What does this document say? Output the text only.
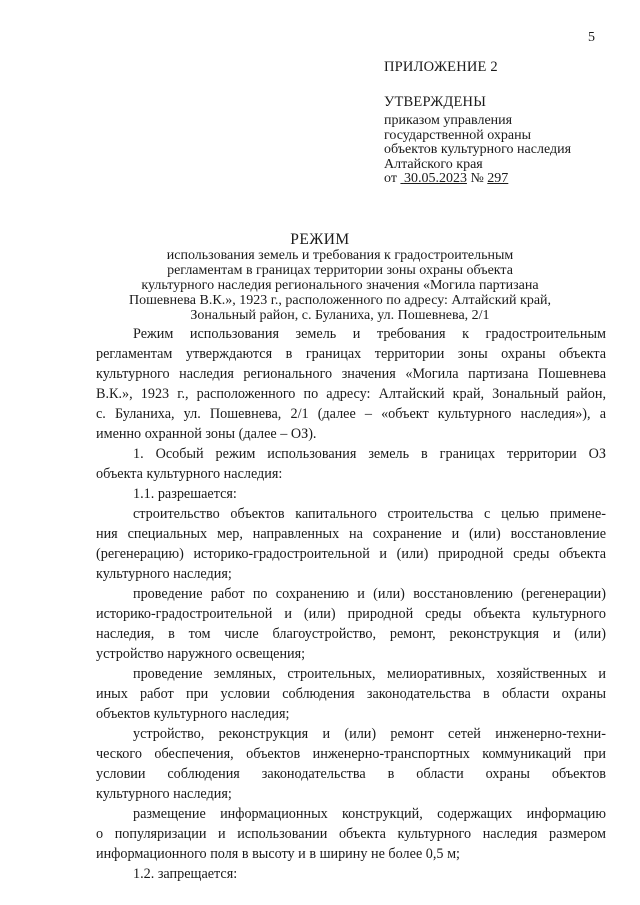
5
ПРИЛОЖЕНИЕ 2
УТВЕРЖДЕНЫ
приказом управления
государственной охраны
объектов культурного наследия
Алтайского края
от 30.05.2023 № 297
РЕЖИМ
использования земель и требования к градостроительным
регламентам в границах территории зоны охраны объекта
культурного наследия регионального значения «Могила партизана
Пошевнева В.К.», 1923 г., расположенного по адресу: Алтайский край,
Зональный район, с. Буланиха, ул. Пошевнева, 2/1
Режим использования земель и требования к градостроительным
регламентам утверждаются в границах территории зоны охраны объекта
культурного наследия регионального значения «Могила партизана Пошевнева
В.К.», 1923 г., расположенного по адресу: Алтайский край, Зональный район,
с. Буланиха, ул. Пошевнева, 2/1 (далее – «объект культурного наследия»), а
именно охранной зоны (далее – ОЗ).
1. Особый режим использования земель в границах территории ОЗ
объекта культурного наследия:
1.1. разрешается:
строительство объектов капитального строительства с целью примене-
ния специальных мер, направленных на сохранение и (или) восстановление
(регенерацию) историко-градостроительной и (или) природной среды объекта
культурного наследия;
проведение работ по сохранению и (или) восстановлению (регенерации)
историко-градостроительной и (или) природной среды объекта культурного
наследия, в том числе благоустройство, ремонт, реконструкция и (или)
устройство наружного освещения;
проведение земляных, строительных, мелиоративных, хозяйственных и
иных работ при условии соблюдения законодательства в области охраны
объектов культурного наследия;
устройство, реконструкция и (или) ремонт сетей инженерно-техни-
ческого обеспечения, объектов инженерно-транспортных коммуникаций при
условии соблюдения законодательства в области охраны объектов
культурного наследия;
размещение информационных конструкций, содержащих информацию
о популяризации и использовании объекта культурного наследия размером
информационного поля в высоту и в ширину не более 0,5 м;
1.2. запрещается:
